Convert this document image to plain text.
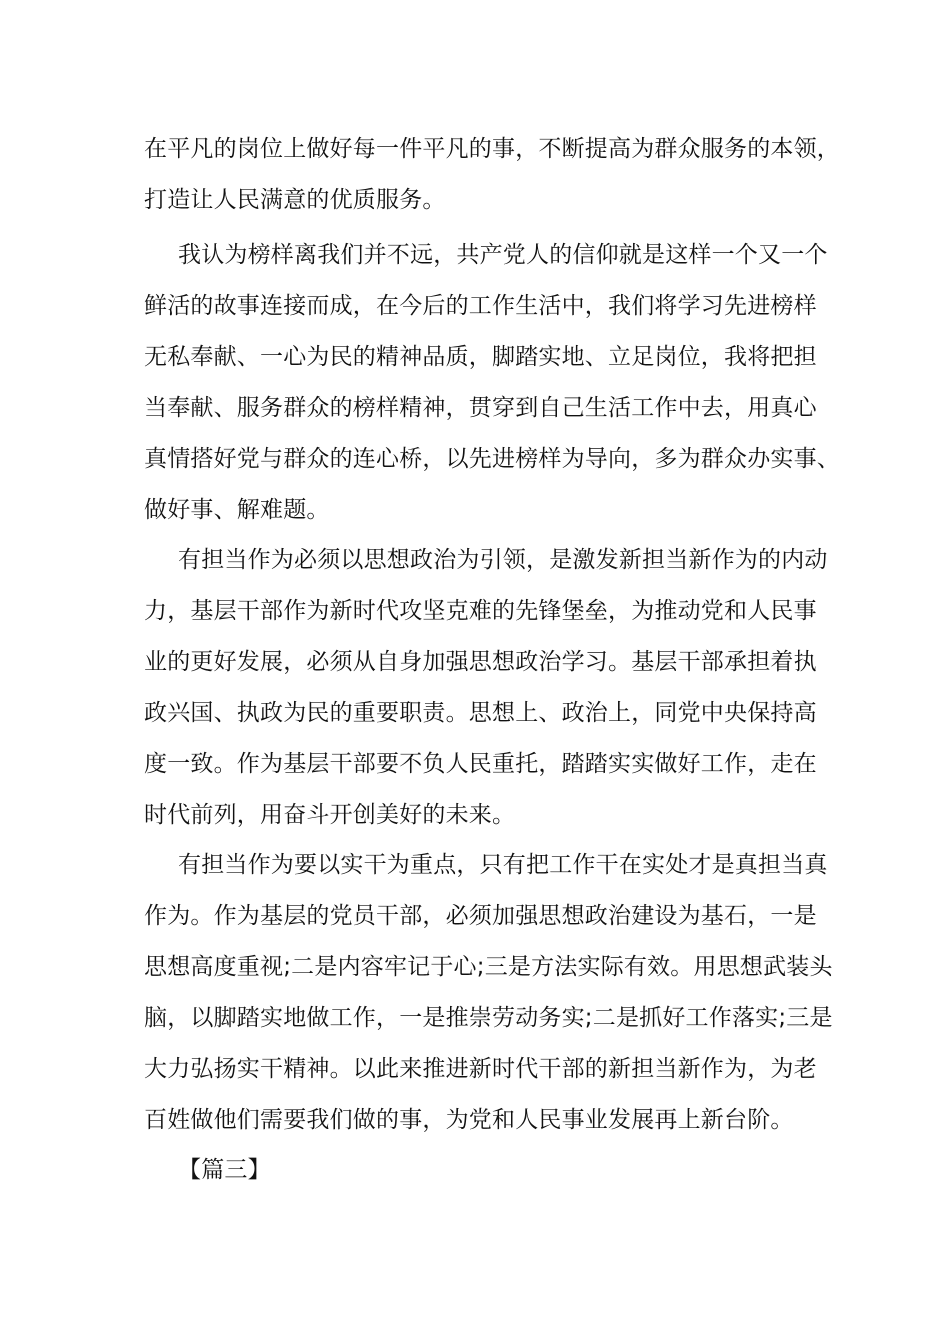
在平凡的岗位上做好每一件平凡的事，不断提高为群众服务的本领，
打造让人民满意的优质服务。

我认为榜样离我们并不远，共产党人的信仰就是这样一个又一个
鲜活的故事连接而成，在今后的工作生活中，我们将学习先进榜样
无私奉献、一心为民的精神品质，脚踏实地、立足岗位，我将把担
当奉献、服务群众的榜样精神，贯穿到自己生活工作中去，用真心
真情搭好党与群众的连心桥，以先进榜样为导向，多为群众办实事、
做好事、解难题。

有担当作为必须以思想政治为引领，是激发新担当新作为的内动
力，基层干部作为新时代攻坚克难的先锋堡垒，为推动党和人民事
业的更好发展，必须从自身加强思想政治学习。基层干部承担着执
政兴国、执政为民的重要职责。思想上、政治上，同党中央保持高
度一致。作为基层干部要不负人民重托，踏踏实实做好工作，走在
时代前列，用奋斗开创美好的未来。

有担当作为要以实干为重点，只有把工作干在实处才是真担当真
作为。作为基层的党员干部，必须加强思想政治建设为基石，一是
思想高度重视;二是内容牢记于心;三是方法实际有效。用思想武装头
脑，以脚踏实地做工作，一是推崇劳动务实;二是抓好工作落实;三是
大力弘扬实干精神。以此来推进新时代干部的新担当新作为，为老
百姓做他们需要我们做的事，为党和人民事业发展再上新台阶。

【篇三】
